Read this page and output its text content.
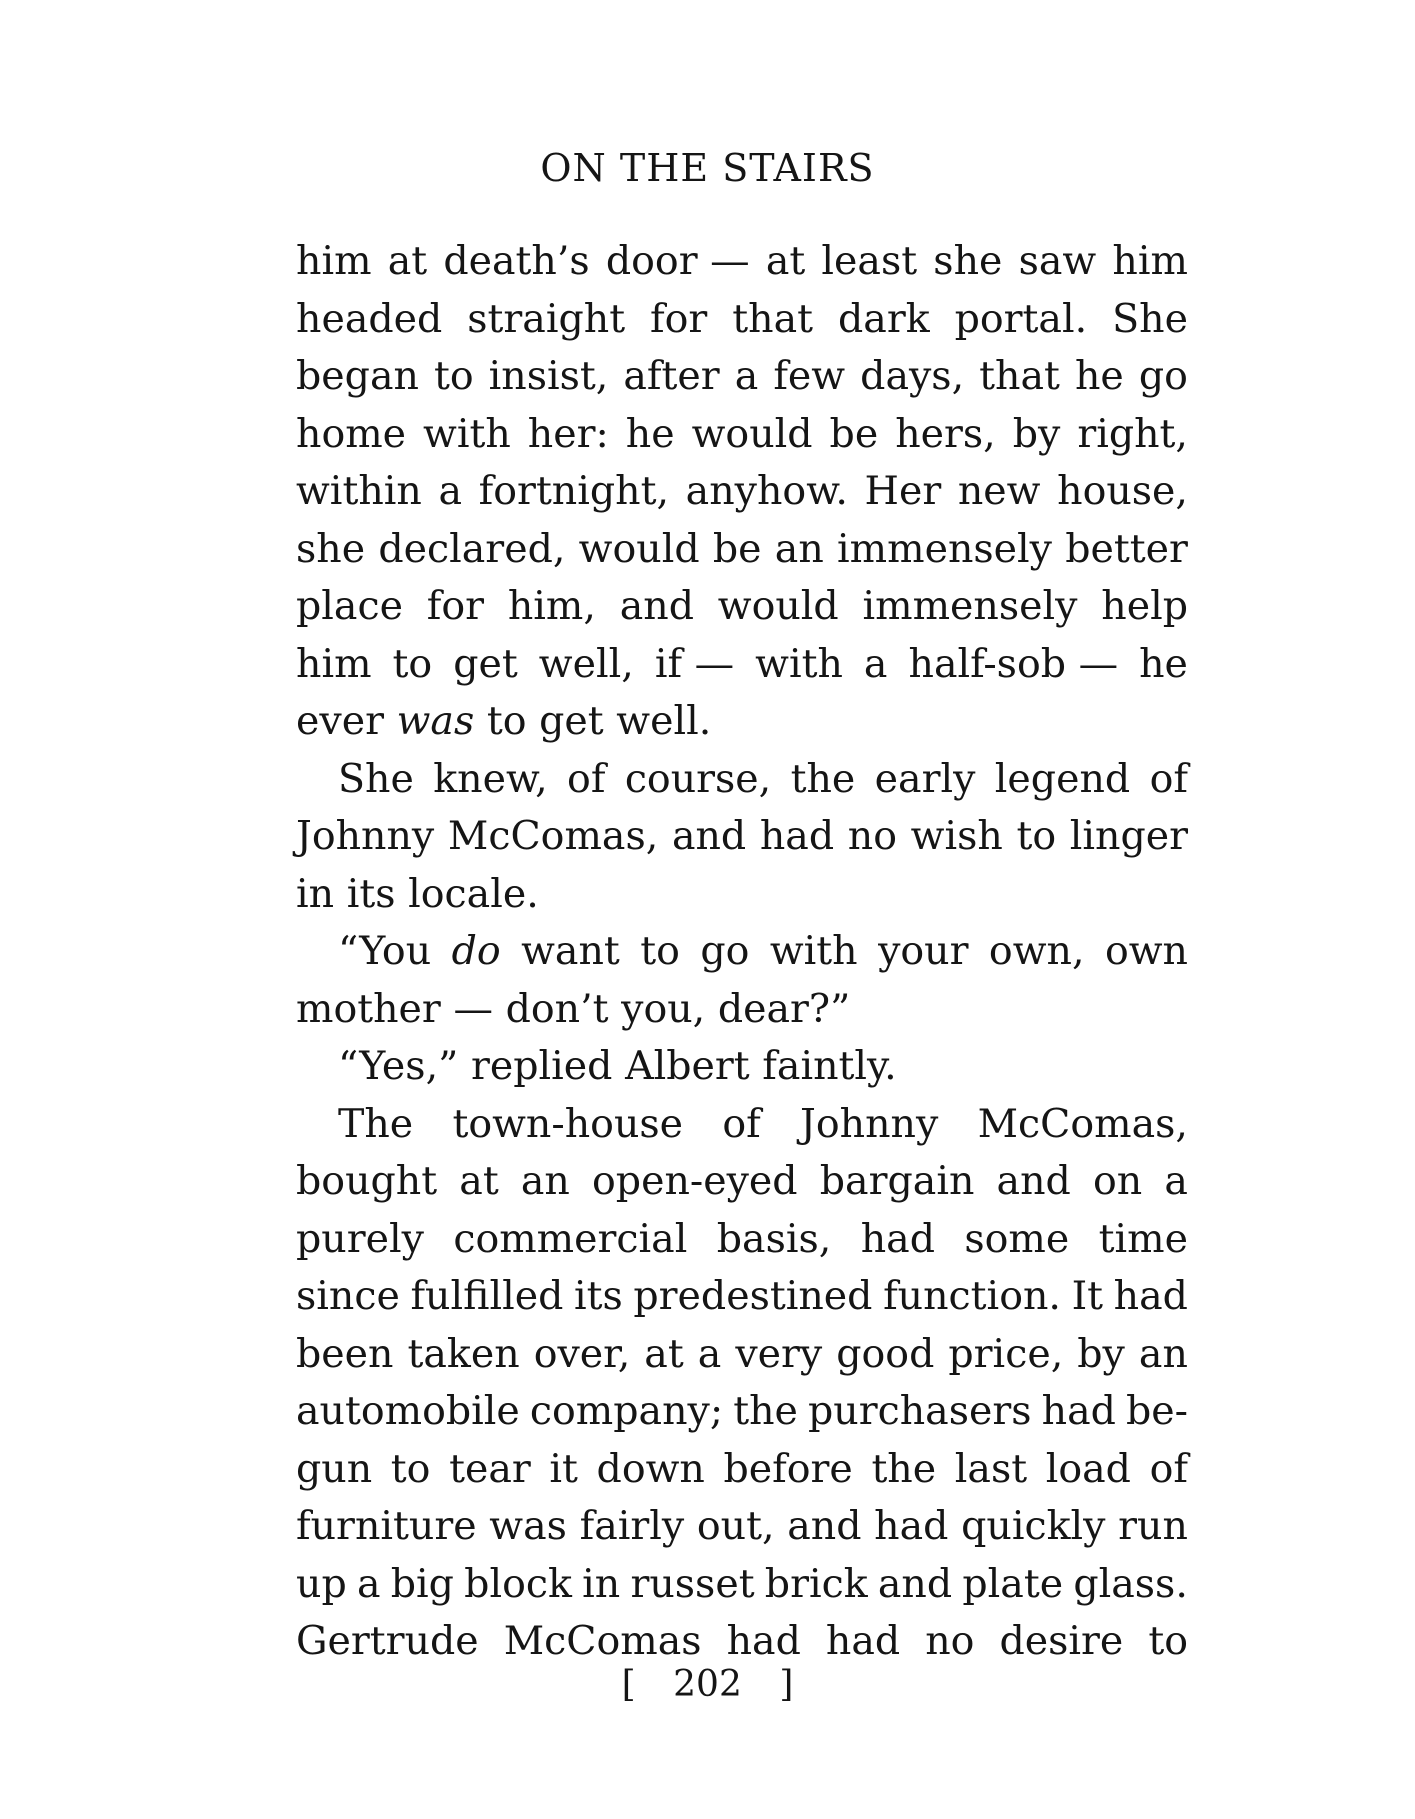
ON THE STAIRS
him at death’s door — at least she saw him
headed straight for that dark portal. She
began to insist, after a few days, that he go
home with her: he would be hers, by right,
within a fortnight, anyhow. Her new house,
she declared, would be an immensely better
place for him, and would immensely help
him to get well, if — with a half-sob — he
ever was to get well.
She knew, of course, the early legend of
Johnny McComas, and had no wish to linger
in its locale.
“You do want to go with your own, own
mother — don’t you, dear?”
“Yes,” replied Albert faintly.
The town-house of Johnny McComas,
bought at an open-eyed bargain and on a
purely commercial basis, had some time
since fulfilled its predestined function. It had
been taken over, at a very good price, by an
automobile company; the purchasers had be-
gun to tear it down before the last load of
furniture was fairly out, and had quickly run
up a big block in russet brick and plate glass.
Gertrude McComas had had no desire to
[ 202 ]
